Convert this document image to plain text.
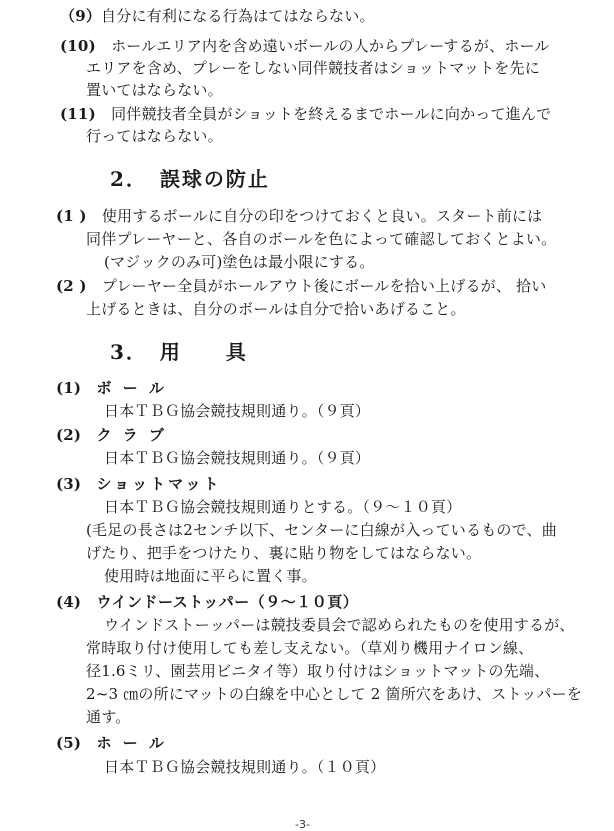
（9）自分に有利になる行為はてはならない。
(10)　ホールエリア内を含め遠いボールの人からプレーするが、ホール
エリアを含め、プレーをしない同伴競技者はショットマットを先に
置いてはならない。
(11)　同伴競技者全員がショットを終えるまでホールに向かって進んで
行ってはならない。
2．　誤球の防止
(1 )　使用するボールに自分の印をつけておくと良い。スタート前には
同伴プレーヤーと、各自のボールを色によって確認しておくとよい。
(マジックのみ可)塗色は最小限にする。
(2 )　プレーヤー全員がホールアウト後にボールを拾い上げるが、 拾い
上げるときは、自分のボールは自分で拾いあげること。
3．　用　　具
(1)　 ボ ー ル
日本ＴＢＧ協会競技規則通り。（９頁）
(2)　 ク ラ ブ
日本ＴＢＧ協会競技規則通り。（９頁）
(3)　 ショットマット
日本ＴＢＧ協会競技規則通りとする。（９～１０頁）
(毛足の長さは2センチ以下、センターに白線が入っているもので、曲
げたり、把手をつけたり、裏に貼り物をしてはならない。
使用時は地面に平らに置く事。
(4)　 ウインドーストッパー（９～１０頁）
ウインドストーッパーは競技委員会で認められたものを使用するが、
常時取り付け使用しても差し支えない。（草刈り機用ナイロン線、
径1.6ミリ、園芸用ビニタイ等）取り付けはショットマットの先端、
2~3 ㎝の所にマットの白線を中心として 2 箇所穴をあけ、ストッパーを
通す。
(5)　 ホ ー ル
日本ＴＢＧ協会競技規則通り。（１０頁）
-3-
